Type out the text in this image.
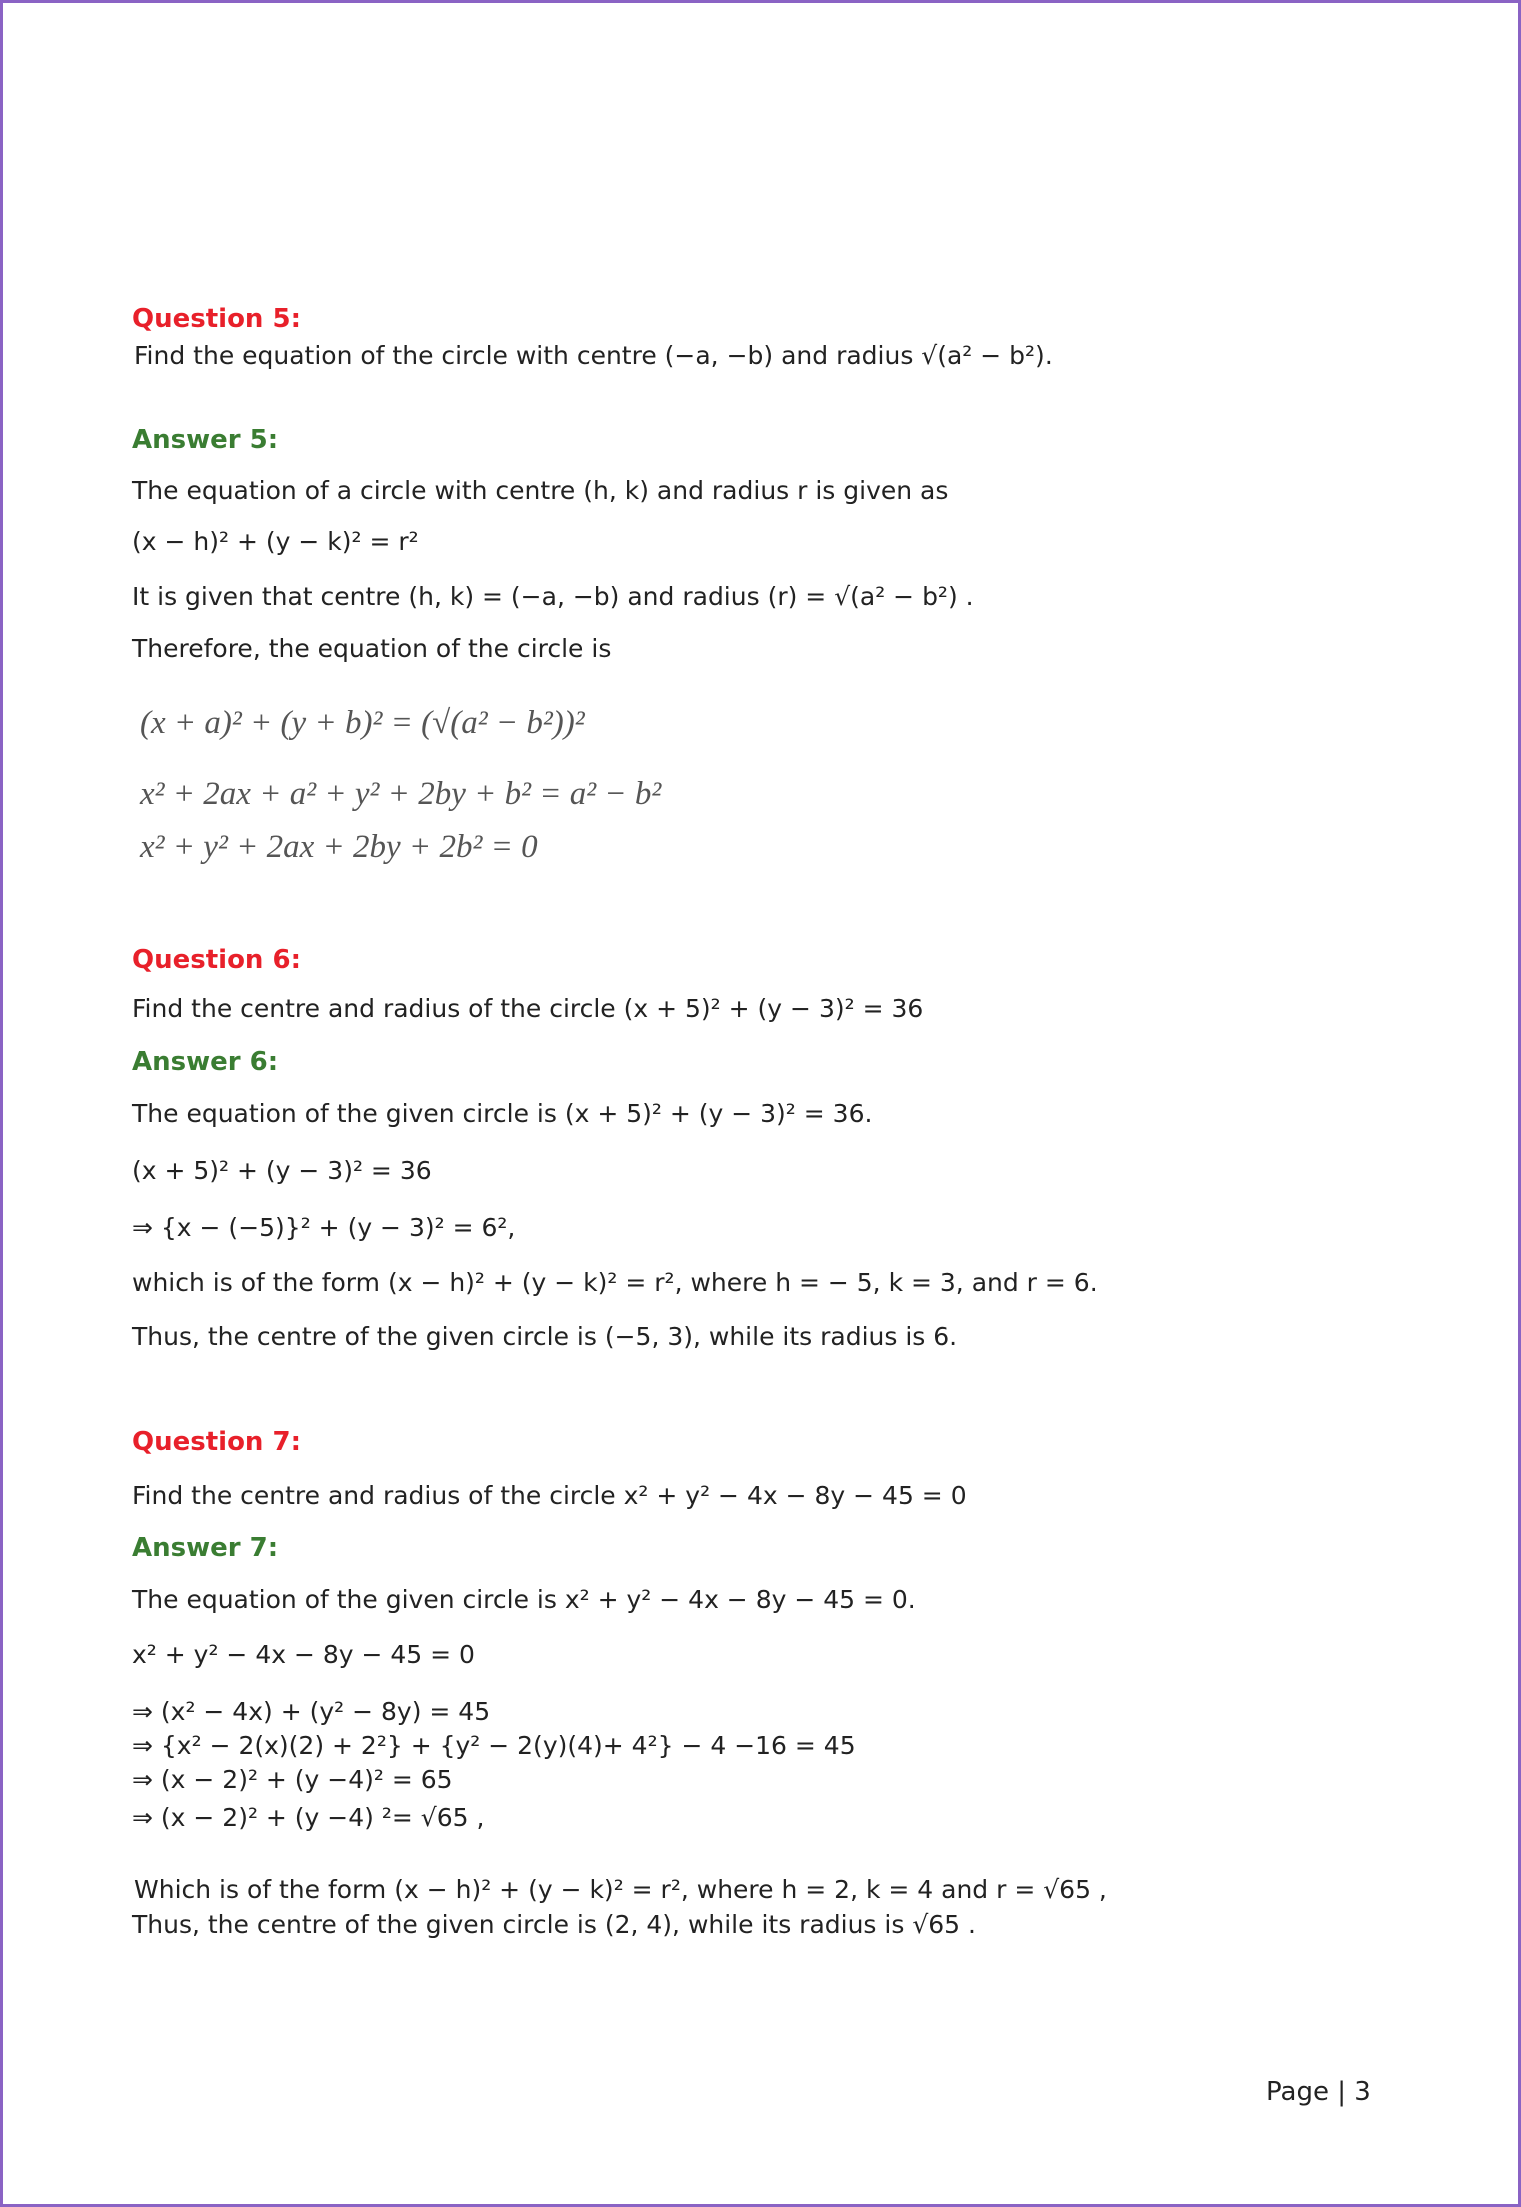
Question 5:
Find the equation of the circle with centre (−a, −b) and radius √(a² − b²).
Answer 5:
The equation of a circle with centre (h, k) and radius r is given as
(x − h)² + (y − k)² = r²
It is given that centre (h, k) = (−a, −b) and radius (r) = √(a² − b²) .
Therefore, the equation of the circle is
(x + a)² + (y + b)² = (√(a² − b²))²
x² + 2ax + a² + y² + 2by + b² = a² − b²
x² + y² + 2ax + 2by + 2b² = 0
Question 6:
Find the centre and radius of the circle (x + 5)² + (y − 3)² = 36
Answer 6:
The equation of the given circle is (x + 5)² + (y − 3)² = 36.
(x + 5)² + (y − 3)² = 36
⇒ {x − (−5)}² + (y − 3)² = 6²,
which is of the form (x − h)² + (y − k)² = r², where h = − 5, k = 3, and r = 6.
Thus, the centre of the given circle is (−5, 3), while its radius is 6.
Question 7:
Find the centre and radius of the circle x² + y² − 4x − 8y − 45 = 0
Answer 7:
The equation of the given circle is x² + y² − 4x − 8y − 45 = 0.
x² + y² − 4x − 8y − 45 = 0
⇒ (x² − 4x) + (y² − 8y) = 45
⇒ {x² − 2(x)(2) + 2²} + {y² − 2(y)(4)+ 4²} − 4 −16 = 45
⇒ (x − 2)² + (y −4)² = 65
⇒ (x − 2)² + (y −4) ²= √65 ,
Which is of the form (x − h)² + (y − k)² = r², where h = 2, k = 4 and r = √65 ,
Thus, the centre of the given circle is (2, 4), while its radius is √65 .
Page | 3
